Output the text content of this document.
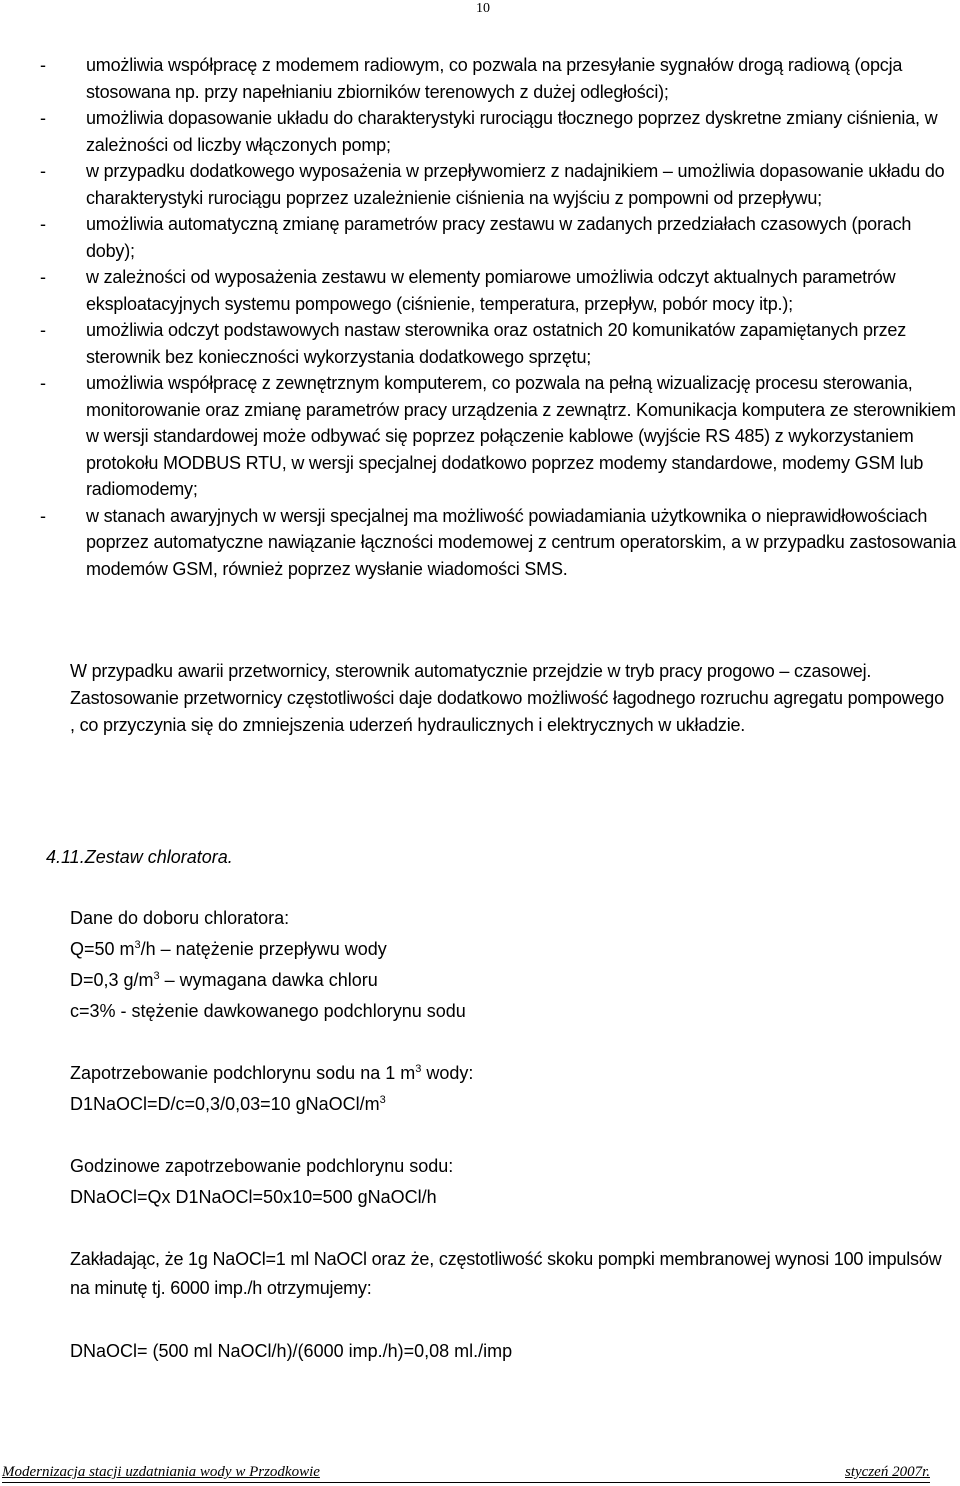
10
- umożliwia współpracę z modemem radiowym, co pozwala na przesyłanie sygnałów drogą radiową (opcja stosowana np. przy napełnianiu zbiorników terenowych z dużej odległości);
- umożliwia dopasowanie układu do charakterystyki rurociągu tłocznego poprzez dyskretne zmiany ciśnienia, w zależności od liczby włączonych pomp;
- w przypadku dodatkowego wyposażenia w przepływomierz z nadajnikiem – umożliwia dopasowanie układu do charakterystyki rurociągu poprzez uzależnienie ciśnienia na wyjściu z pompowni od przepływu;
- umożliwia automatyczną zmianę parametrów pracy zestawu w zadanych przedziałach czasowych (porach doby);
- w zależności od wyposażenia zestawu w elementy pomiarowe umożliwia odczyt aktualnych parametrów eksploatacyjnych systemu pompowego (ciśnienie, temperatura, przepływ, pobór mocy itp.);
- umożliwia odczyt podstawowych nastaw sterownika oraz ostatnich 20 komunikatów zapamiętanych przez sterownik bez konieczności wykorzystania dodatkowego sprzętu;
- umożliwia współpracę z zewnętrznym komputerem, co pozwala na pełną wizualizację procesu sterowania, monitorowanie oraz zmianę parametrów pracy urządzenia z zewnątrz. Komunikacja komputera ze sterownikiem w wersji standardowej może odbywać się poprzez połączenie kablowe (wyjście RS 485) z wykorzystaniem protokołu MODBUS RTU, w wersji specjalnej dodatkowo poprzez modemy standardowe, modemy GSM lub radiomodemy;
- w stanach awaryjnych w wersji specjalnej ma możliwość powiadamiania użytkownika o nieprawidłowościach poprzez automatyczne nawiązanie łączności modemowej z centrum operatorskim, a w przypadku zastosowania modemów GSM, również poprzez wysłanie wiadomości SMS.

W przypadku awarii przetwornicy, sterownik automatycznie przejdzie w tryb pracy progowo – czasowej. Zastosowanie przetwornicy częstotliwości daje dodatkowo możliwość łagodnego rozruchu agregatu pompowego , co przyczynia się do zmniejszenia uderzeń hydraulicznych i elektrycznych w układzie.

4.11.Zestaw chloratora.

Dane do doboru chloratora:

Q=50 $m^3/h$ – natężenie przepływu wody

D=0,3 $g/m^3$ – wymagana dawka chloru

c=3% - stężenie dawkowanego podchlorynu sodu

Zapotrzebowanie podchlorynu sodu na 1 $m^3$ wody:

D1NaOCl=D/c=0,3/0,03=10 gNaOCl/$m^3$

Godzinowe zapotrzebowanie podchlorynu sodu:

DNaOCl=Qx D1NaOCl=50x10=500 gNaOCl/h

Zakładając, że 1g NaOCl=1 ml NaOCl oraz że, częstotliwość skoku pompki membranowej wynosi 100 impulsów na minutę tj. 6000 imp./h otrzymujemy:

DNaOCl= (500 ml NaOCl/h)/(6000 imp./h)=0,08 ml./imp

Modernizacja stacji uzdatniania wody w Przodkowie	styczeń 2007r.
